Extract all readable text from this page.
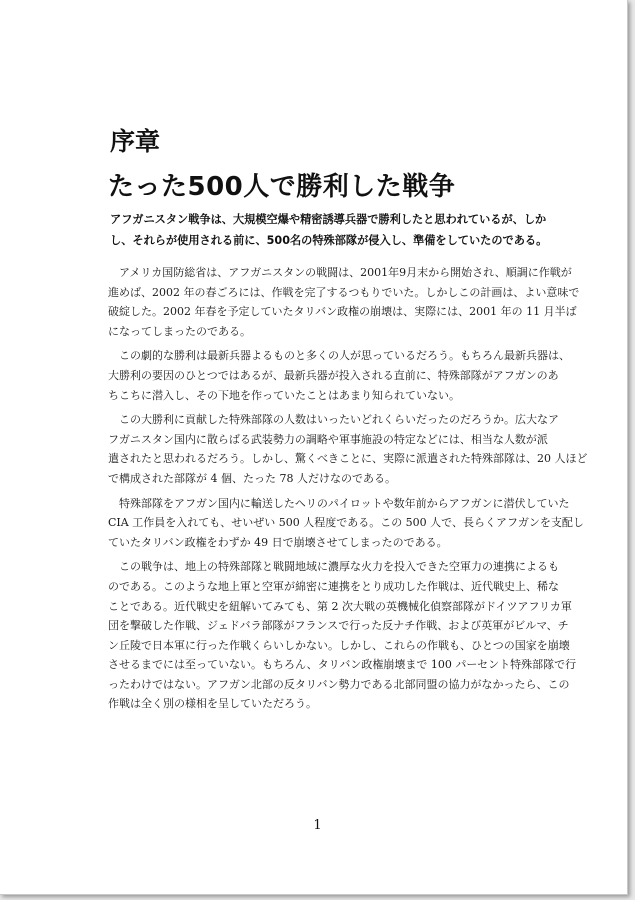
序章
たった500人で勝利した戦争
アフガニスタン戦争は、大規模空爆や精密誘導兵器で勝利したと思われているが、しか
し、それらが使用される前に、500名の特殊部隊が侵入し、準備をしていたのである。
　アメリカ国防総省は、アフガニスタンの戦闘は、2001年9月末から開始され、順調に作戦が
進めば、2002 年の春ごろには、作戦を完了するつもりでいた。しかしこの計画は、よい意味で
破綻した。2002 年春を予定していたタリバン政権の崩壊は、実際には、2001 年の 11 月半ば
になってしまったのである。
　この劇的な勝利は最新兵器よるものと多くの人が思っているだろう。もちろん最新兵器は、
大勝利の要因のひとつではあるが、最新兵器が投入される直前に、特殊部隊がアフガンのあ
ちこちに潜入し、その下地を作っていたことはあまり知られていない。
　この大勝利に貢献した特殊部隊の人数はいったいどれくらいだったのだろうか。広大なア
フガニスタン国内に散らばる武装勢力の調略や軍事施設の特定などには、相当な人数が派
遣されたと思われるだろう。しかし、驚くべきことに、実際に派遣された特殊部隊は、20 人ほど
で構成された部隊が 4 個、たった 78 人だけなのである。
　特殊部隊をアフガン国内に輸送したヘリのパイロットや数年前からアフガンに潜伏していた
CIA 工作員を入れても、せいぜい 500 人程度である。この 500 人で、長らくアフガンを支配し
ていたタリバン政権をわずか 49 日で崩壊させてしまったのである。
　この戦争は、地上の特殊部隊と戦闘地域に濃厚な火力を投入できた空軍力の連携によるも
のである。このような地上軍と空軍が綿密に連携をとり成功した作戦は、近代戦史上、稀な
ことである。近代戦史を紐解いてみても、第 2 次大戦の英機械化偵察部隊がドイツアフリカ軍
団を撃破した作戦、ジェドバラ部隊がフランスで行った反ナチ作戦、および英軍がビルマ、チ
ン丘陵で日本軍に行った作戦くらいしかない。しかし、これらの作戦も、ひとつの国家を崩壊
させるまでには至っていない。もちろん、タリバン政権崩壊まで 100 パーセント特殊部隊で行
ったわけではない。アフガン北部の反タリバン勢力である北部同盟の協力がなかったら、この
作戦は全く別の様相を呈していただろう。
1
